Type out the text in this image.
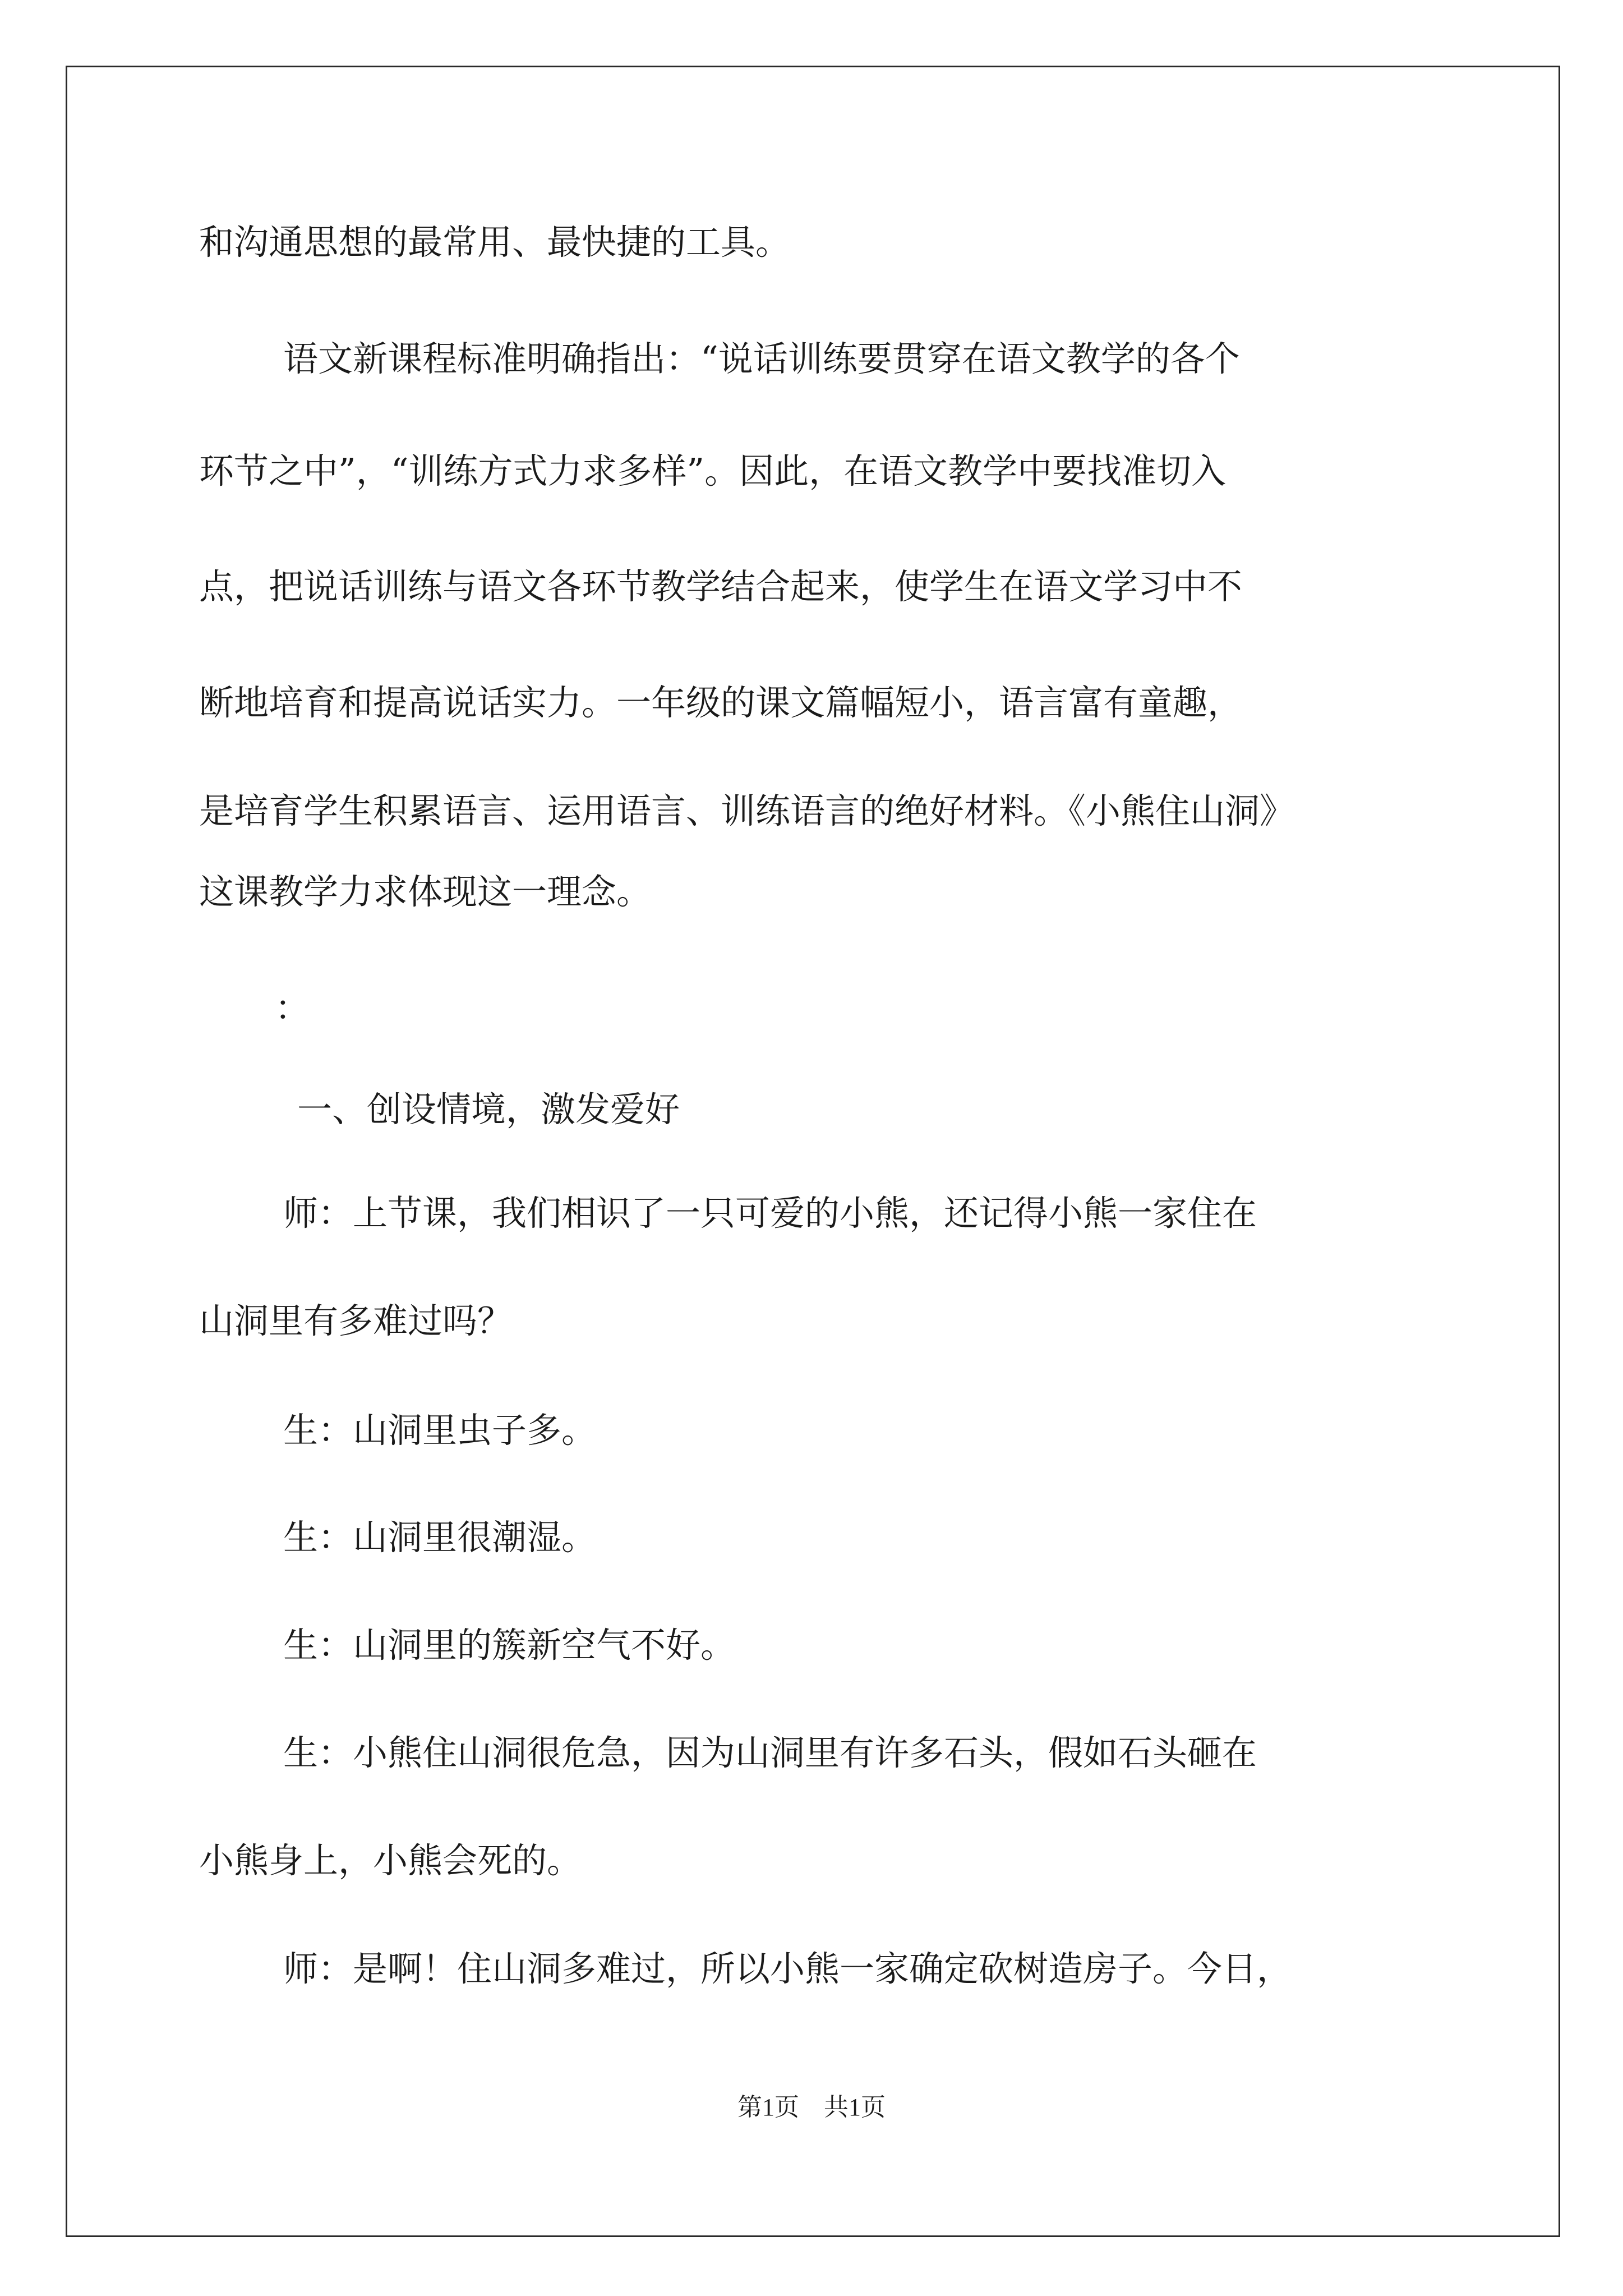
和沟通思想的最常用、最快捷的工具。

语文新课程标准明确指出：“说话训练要贯穿在语文教学的各个

环节之中”，“训练方式力求多样”。因此，在语文教学中要找准切入

点，把说话训练与语文各环节教学结合起来，使学生在语文学习中不

断地培育和提高说话实力。一年级的课文篇幅短小，语言富有童趣，

是培育学生积累语言、运用语言、训练语言的绝好材料。《小熊住山洞》

这课教学力求体现这一理念。

：

一、创设情境，激发爱好

师：上节课，我们相识了一只可爱的小熊，还记得小熊一家住在

山洞里有多难过吗？

生：山洞里虫子多。

生：山洞里很潮湿。

生：山洞里的簇新空气不好。

生：小熊住山洞很危急，因为山洞里有许多石头，假如石头砸在

小熊身上，小熊会死的。

师：是啊！住山洞多难过，所以小熊一家确定砍树造房子。今日，

第1页 共1页
